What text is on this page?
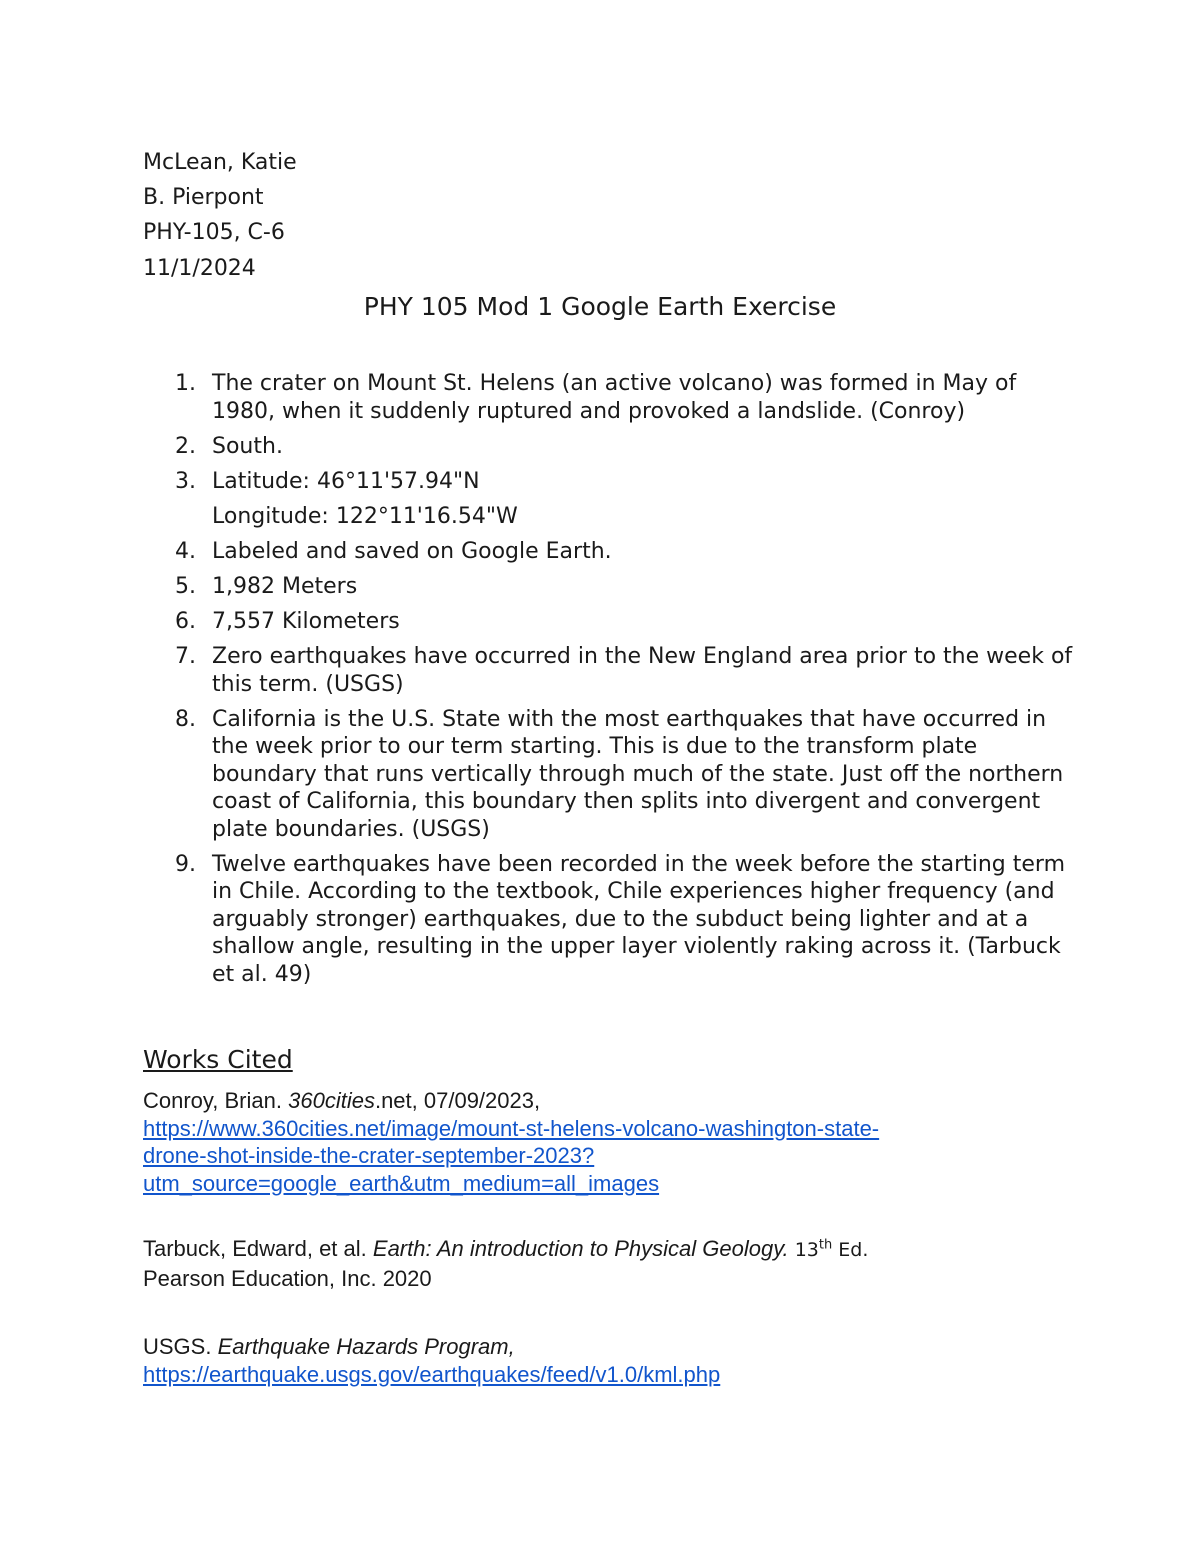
McLean, Katie
B. Pierpont
PHY-105, C-6
11/1/2024
PHY 105 Mod 1 Google Earth Exercise
1. The crater on Mount St. Helens (an active volcano) was formed in May of 1980, when it suddenly ruptured and provoked a landslide. (Conroy)
2. South.
3. Latitude: 46°11'57.94"N
Longitude: 122°11'16.54"W
4. Labeled and saved on Google Earth.
5. 1,982 Meters
6. 7,557 Kilometers
7. Zero earthquakes have occurred in the New England area prior to the week of this term. (USGS)
8. California is the U.S. State with the most earthquakes that have occurred in the week prior to our term starting. This is due to the transform plate boundary that runs vertically through much of the state. Just off the northern coast of California, this boundary then splits into divergent and convergent plate boundaries. (USGS)
9. Twelve earthquakes have been recorded in the week before the starting term in Chile. According to the textbook, Chile experiences higher frequency (and arguably stronger) earthquakes, due to the subduct being lighter and at a shallow angle, resulting in the upper layer violently raking across it. (Tarbuck et al. 49)
Works Cited
Conroy, Brian. 360cities.net, 07/09/2023,
https://www.360cities.net/image/mount-st-helens-volcano-washington-state-
drone-shot-inside-the-crater-september-2023?
utm_source=google_earth&utm_medium=all_images
Tarbuck, Edward, et al. Earth: An introduction to Physical Geology. 13th Ed.
Pearson Education, Inc. 2020
USGS. Earthquake Hazards Program,
https://earthquake.usgs.gov/earthquakes/feed/v1.0/kml.php
